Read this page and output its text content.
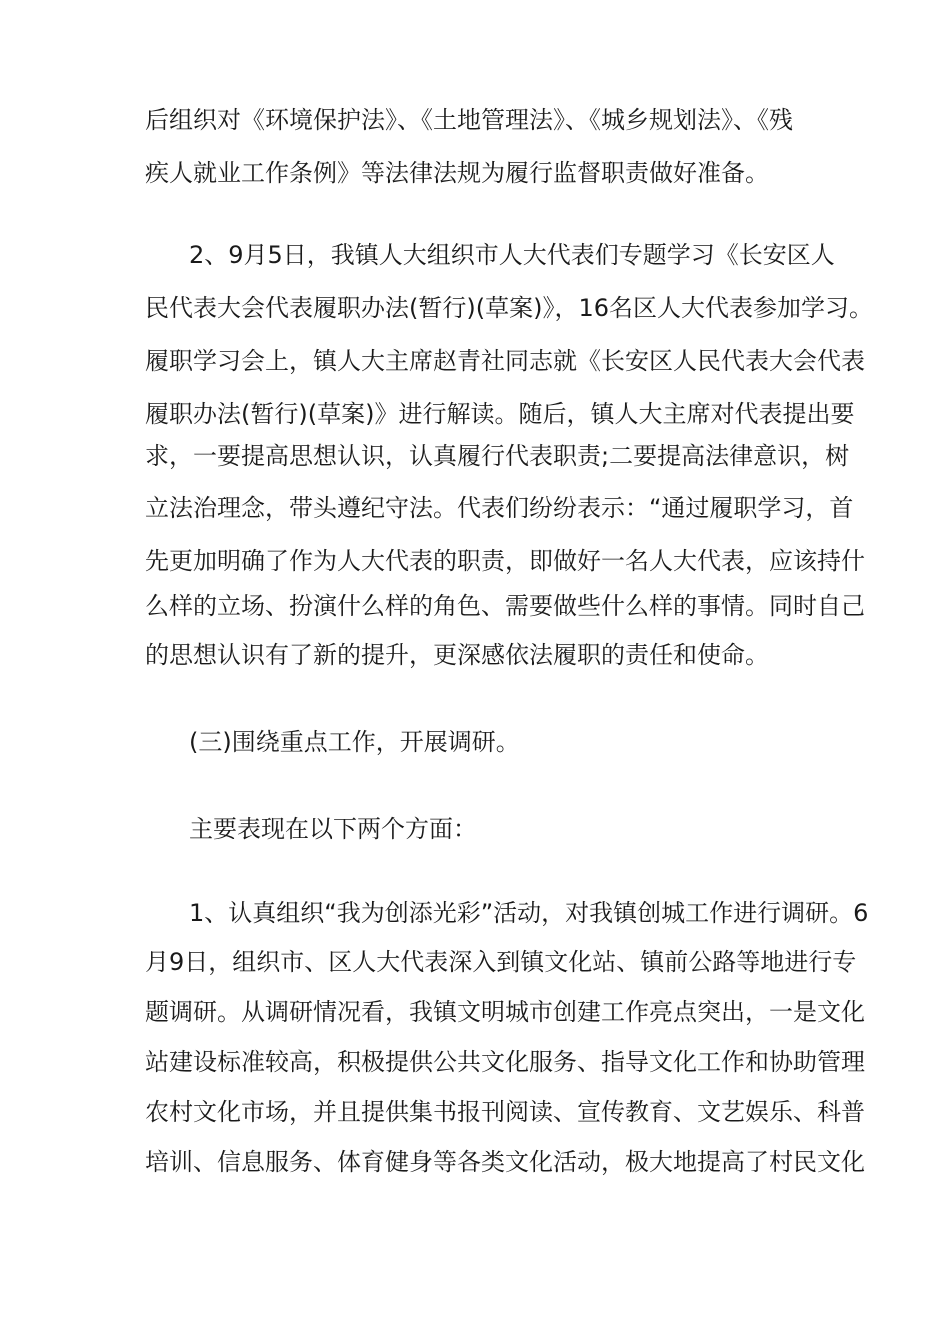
后组织对《环境保护法》、《土地管理法》、《城乡规划法》、《残
疾人就业工作条例》等法律法规为履行监督职责做好准备。
2、9月5日，我镇人大组织市人大代表们专题学习《长安区人
民代表大会代表履职办法(暂行)(草案)》，16名区人大代表参加学习。
履职学习会上，镇人大主席赵青社同志就《长安区人民代表大会代表
履职办法(暂行)(草案)》进行解读。随后，镇人大主席对代表提出要
求，一要提高思想认识，认真履行代表职责;二要提高法律意识，树
立法治理念，带头遵纪守法。代表们纷纷表示：“通过履职学习，首
先更加明确了作为人大代表的职责，即做好一名人大代表，应该持什
么样的立场、扮演什么样的角色、需要做些什么样的事情。同时自己
的思想认识有了新的提升，更深感依法履职的责任和使命。
(三)围绕重点工作，开展调研。
主要表现在以下两个方面：
1、认真组织“我为创添光彩”活动，对我镇创城工作进行调研。6
月9日，组织市、区人大代表深入到镇文化站、镇前公路等地进行专
题调研。从调研情况看，我镇文明城市创建工作亮点突出，一是文化
站建设标准较高，积极提供公共文化服务、指导文化工作和协助管理
农村文化市场，并且提供集书报刊阅读、宣传教育、文艺娱乐、科普
培训、信息服务、体育健身等各类文化活动，极大地提高了村民文化
